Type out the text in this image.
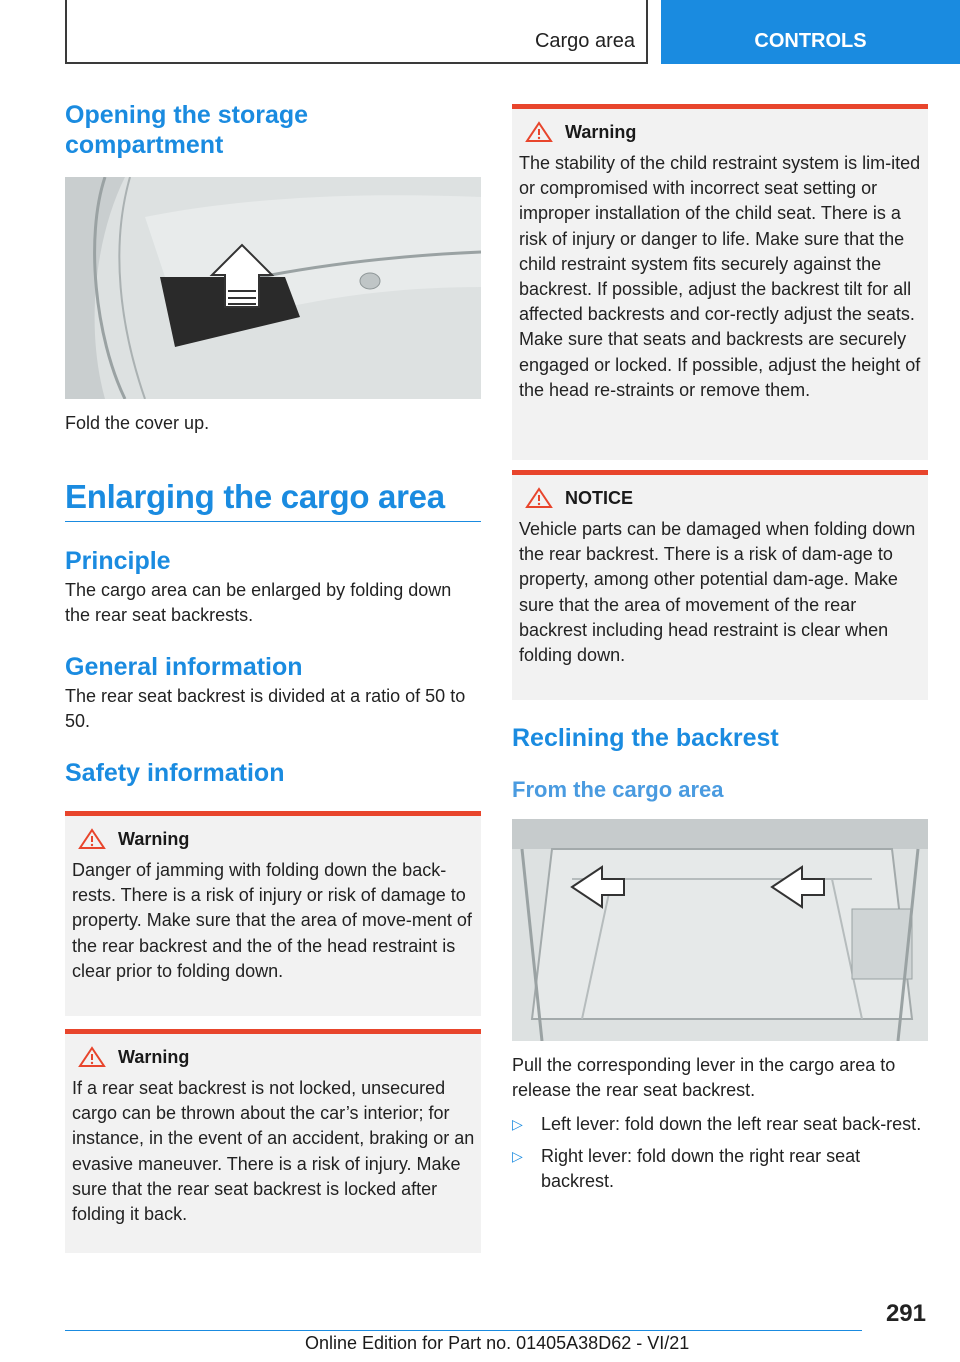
Cargo area	CONTROLS
Opening the storage compartment

Fold the cover up.

Enlarging the cargo area
Principle

The cargo area can be enlarged by folding down the rear seat backrests.

General information

The rear seat backrest is divided at a ratio of 50 to 50.

Safety information
Warning
Danger of jamming with folding down the back-rests. There is a risk of injury or risk of damage to property. Make sure that the area of move-ment of the rear backrest and the of the head restraint is clear prior to folding down.
Warning
If a rear seat backrest is not locked, unsecured cargo can be thrown about the car’s interior; for instance, in the event of an accident, braking or an evasive maneuver. There is a risk of injury. Make sure that the rear seat backrest is locked after folding it back.
Warning
The stability of the child restraint system is lim-ited or compromised with incorrect seat setting or improper installation of the child seat. There is a risk of injury or danger to life. Make sure that the child restraint system fits securely against the backrest. If possible, adjust the backrest tilt for all affected backrests and cor-rectly adjust the seats. Make sure that seats and backrests are securely engaged or locked. If possible, adjust the height of the head re-straints or remove them.
NOTICE
Vehicle parts can be damaged when folding down the rear backrest. There is a risk of dam-age to property, among other potential dam-age. Make sure that the area of movement of the rear backrest including head restraint is clear when folding down.
Reclining the backrest
From the cargo area

Pull the corresponding lever in the cargo area to release the rear seat backrest.

▷ Left lever: fold down the left rear seat back-rest.
▷ Right lever: fold down the right rear seat backrest.
291
Online Edition for Part no. 01405A38D62 - VI/21
